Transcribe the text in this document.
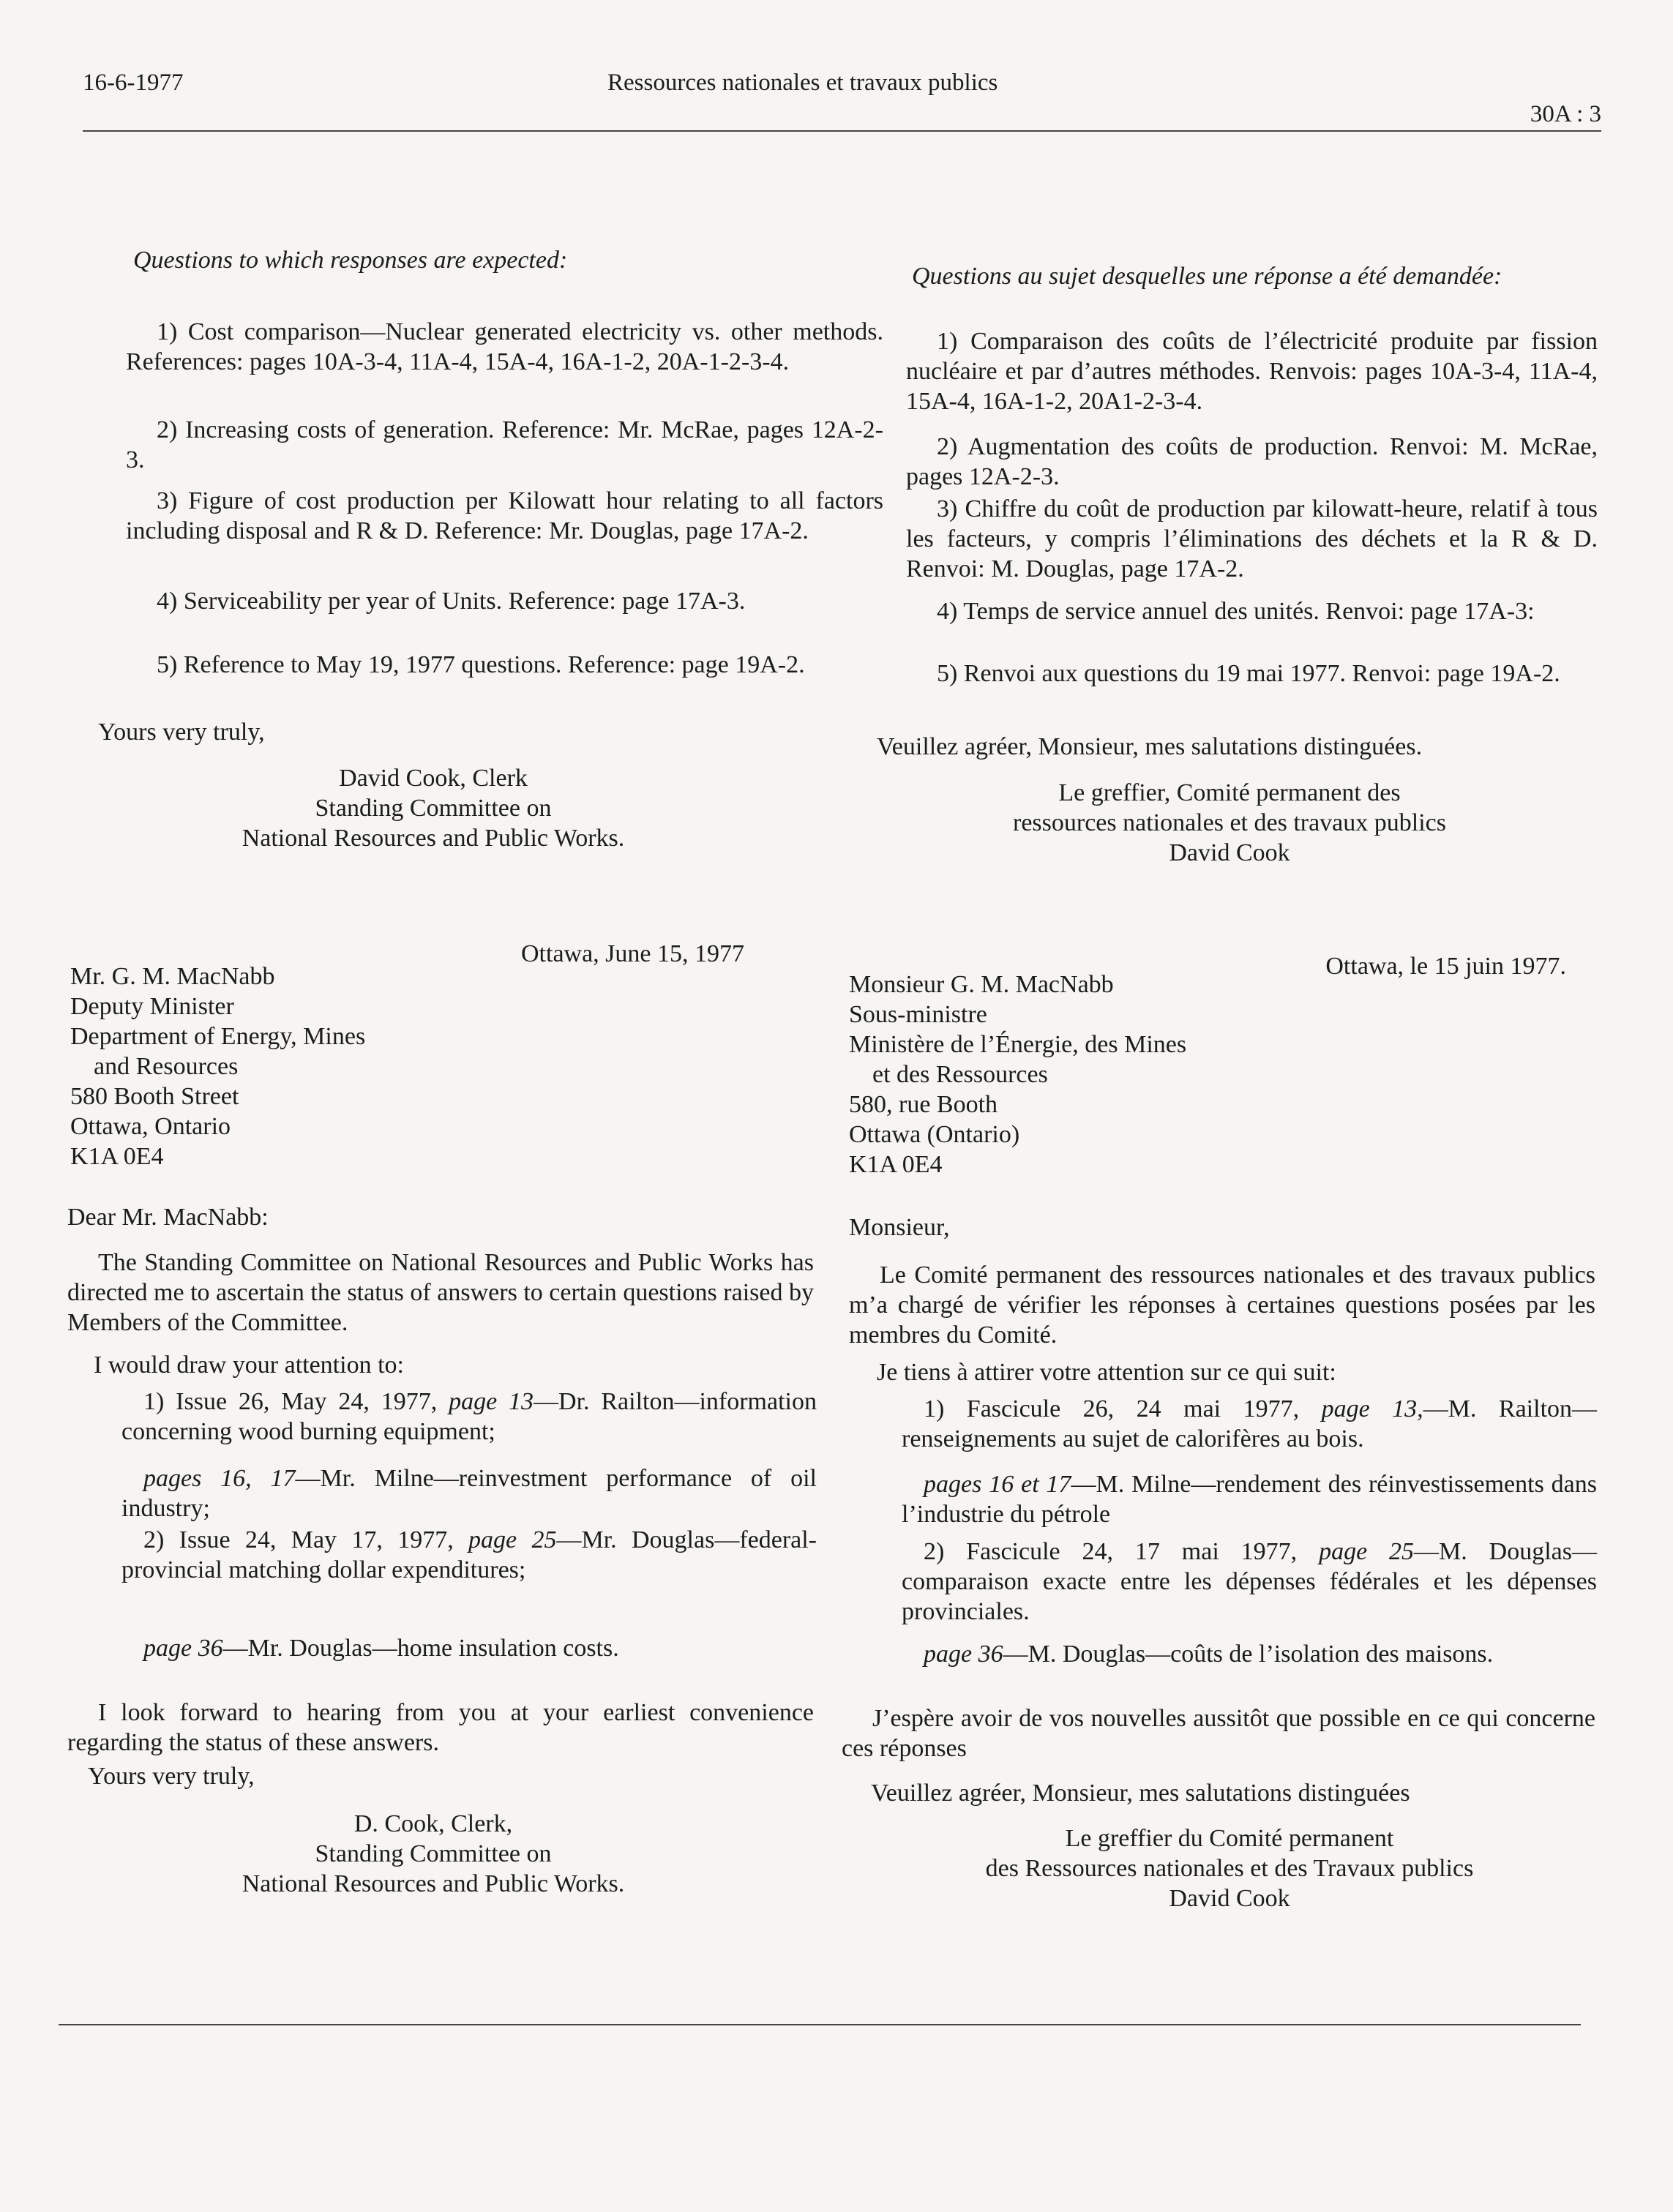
16-6-1977	Ressources nationales et travaux publics
30A : 3

Questions to which responses are expected:

1) Cost comparison—Nuclear generated electricity vs. other methods. References: pages 10A-3-4, 11A-4, 15A-4, 16A-1-2, 20A-1-2-3-4.

2) Increasing costs of generation. Reference: Mr. McRae, pages 12A-2-3.

3) Figure of cost production per Kilowatt hour relating to all factors including disposal and R & D. Reference: Mr. Douglas, page 17A-2.

4) Serviceability per year of Units. Reference: page 17A-3.

5) Reference to May 19, 1977 questions. Reference: page 19A-2.

Yours very truly,

David Cook, Clerk
Standing Committee on
National Resources and Public Works.

Ottawa, June 15, 1977

Mr. G. M. MacNabb
Deputy Minister
Department of Energy, Mines
and Resources
580 Booth Street
Ottawa, Ontario
K1A 0E4

Dear Mr. MacNabb:

The Standing Committee on National Resources and Public Works has directed me to ascertain the status of answers to certain questions raised by Members of the Committee.

I would draw your attention to:

1) Issue 26, May 24, 1977, page 13—Dr. Railton—information concerning wood burning equipment;

pages 16, 17—Mr. Milne—reinvestment performance of oil industry;

2) Issue 24, May 17, 1977, page 25—Mr. Douglas—federal-provincial matching dollar expenditures;

page 36—Mr. Douglas—home insulation costs.

I look forward to hearing from you at your earliest convenience regarding the status of these answers.

Yours very truly,

D. Cook, Clerk,
Standing Committee on
National Resources and Public Works.

Questions au sujet desquelles une réponse a été demandée:

1) Comparaison des coûts de l’électricité produite par fission nucléaire et par d’autres méthodes. Renvois: pages 10A-3-4, 11A-4, 15A-4, 16A-1-2, 20A1-2-3-4.

2) Augmentation des coûts de production. Renvoi: M. McRae, pages 12A-2-3.

3) Chiffre du coût de production par kilowatt-heure, relatif à tous les facteurs, y compris l’éliminations des déchets et la R & D. Renvoi: M. Douglas, page 17A-2.

4) Temps de service annuel des unités. Renvoi: page 17A-3:

5) Renvoi aux questions du 19 mai 1977. Renvoi: page 19A-2.

Veuillez agréer, Monsieur, mes salutations distinguées.

Le greffier, Comité permanent des
ressources nationales et des travaux publics
David Cook

Ottawa, le 15 juin 1977.

Monsieur G. M. MacNabb
Sous-ministre
Ministère de l’Énergie, des Mines
et des Ressources
580, rue Booth
Ottawa (Ontario)
K1A 0E4

Monsieur,

Le Comité permanent des ressources nationales et des travaux publics m’a chargé de vérifier les réponses à certaines questions posées par les membres du Comité.

Je tiens à attirer votre attention sur ce qui suit:

1) Fascicule 26, 24 mai 1977, page 13,—M. Railton—renseignements au sujet de calorifères au bois.

pages 16 et 17—M. Milne—rendement des réinvestissements dans l’industrie du pétrole

2) Fascicule 24, 17 mai 1977, page 25—M. Douglas—comparaison exacte entre les dépenses fédérales et les dépenses provinciales.

page 36—M. Douglas—coûts de l’isolation des maisons.

J’espère avoir de vos nouvelles aussitôt que possible en ce qui concerne ces réponses

Veuillez agréer, Monsieur, mes salutations distinguées

Le greffier du Comité permanent
des Ressources nationales et des Travaux publics
David Cook
